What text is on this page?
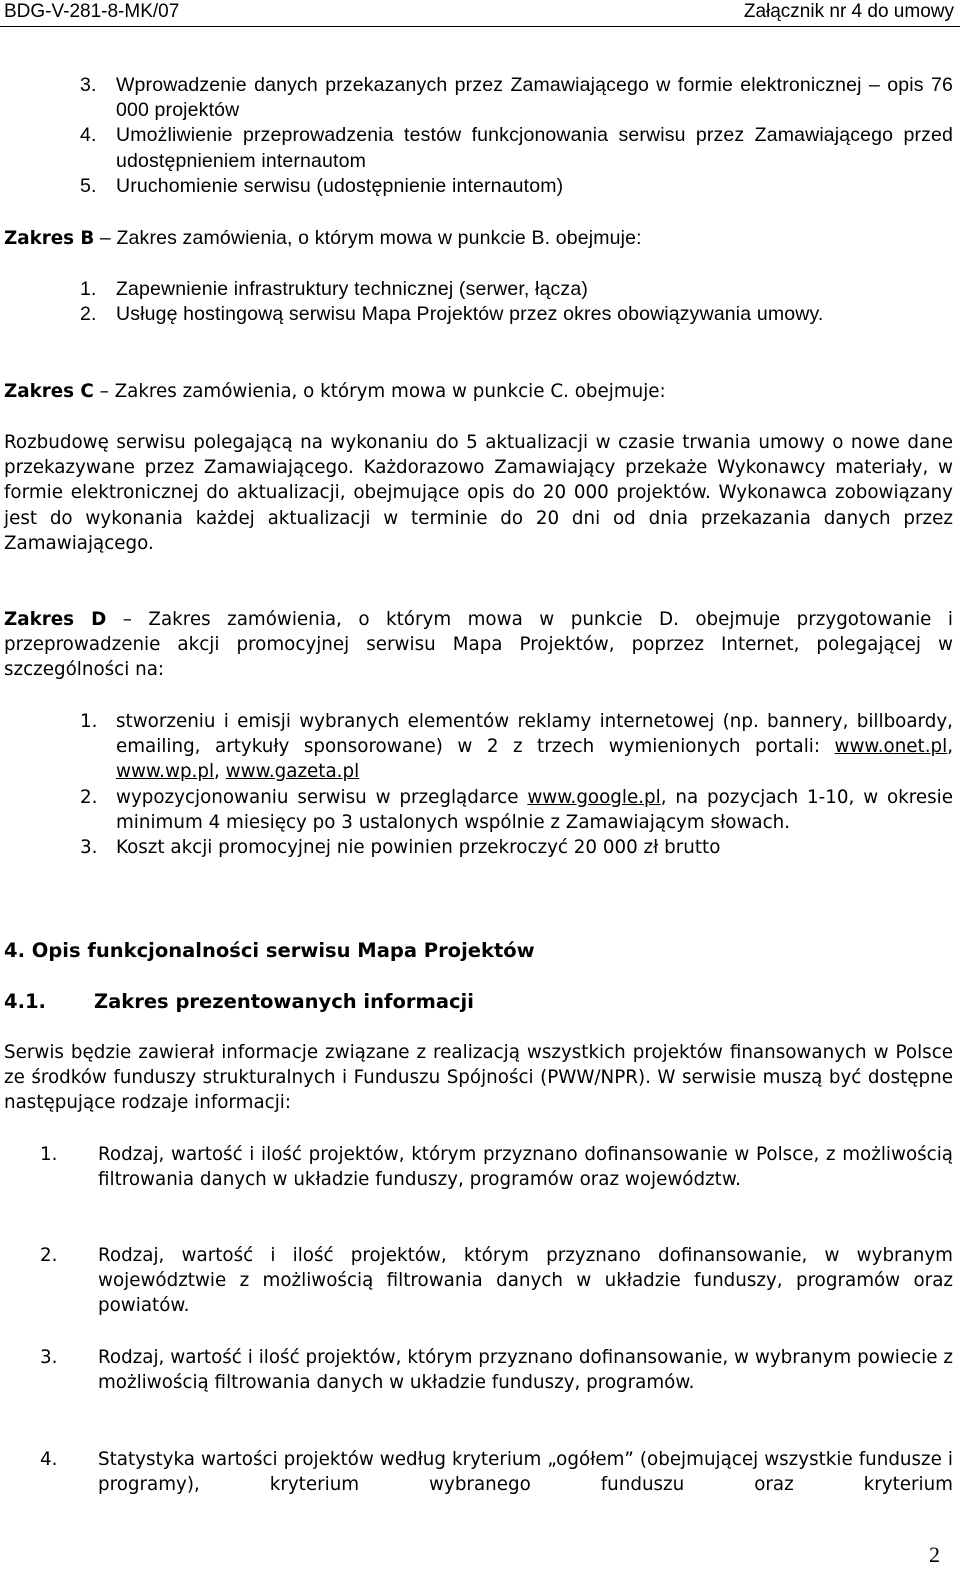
BDG-V-281-8-MK/07	Załącznik nr 4 do umowy
3. Wprowadzenie danych przekazanych przez Zamawiającego w formie elektronicznej – opis 76 000 projektów
4. Umożliwienie przeprowadzenia testów funkcjonowania serwisu przez Zamawiającego przed udostępnieniem internautom
5. Uruchomienie serwisu (udostępnienie internautom)
Zakres B – Zakres zamówienia, o którym mowa w punkcie B. obejmuje:
1. Zapewnienie infrastruktury technicznej (serwer, łącza)
2. Usługę hostingową serwisu Mapa Projektów przez okres obowiązywania umowy.
Zakres C – Zakres zamówienia, o którym mowa w punkcie C. obejmuje:
Rozbudowę serwisu polegającą na wykonaniu do 5 aktualizacji w czasie trwania umowy o nowe dane przekazywane przez Zamawiającego. Każdorazowo Zamawiający przekaże Wykonawcy materiały, w formie elektronicznej do aktualizacji, obejmujące opis do 20 000 projektów. Wykonawca zobowiązany jest do wykonania każdej aktualizacji w terminie do 20 dni od dnia przekazania danych przez Zamawiającego.
Zakres D – Zakres zamówienia, o którym mowa w punkcie D. obejmuje przygotowanie i przeprowadzenie akcji promocyjnej serwisu Mapa Projektów, poprzez Internet, polegającej w szczególności na:
1. stworzeniu i emisji wybranych elementów reklamy internetowej (np. bannery, billboardy, emailing, artykuły sponsorowane) w 2 z trzech wymienionych portali: www.onet.pl, www.wp.pl, www.gazeta.pl
2. wypozycjonowaniu serwisu w przeglądarce www.google.pl, na pozycjach 1-10, w okresie minimum 4 miesięcy po 3 ustalonych wspólnie z Zamawiającym słowach.
3. Koszt akcji promocyjnej nie powinien przekroczyć 20 000 zł brutto
4. Opis funkcjonalności serwisu Mapa Projektów
4.1. Zakres prezentowanych informacji
Serwis będzie zawierał informacje związane z realizacją wszystkich projektów finansowanych w Polsce ze środków funduszy strukturalnych i Funduszu Spójności (PWW/NPR). W serwisie muszą być dostępne następujące rodzaje informacji:
1. Rodzaj, wartość i ilość projektów, którym przyznano dofinansowanie w Polsce, z możliwością filtrowania danych w układzie funduszy, programów oraz województw.
2. Rodzaj, wartość i ilość projektów, którym przyznano dofinansowanie, w wybranym województwie z możliwością filtrowania danych w układzie funduszy, programów oraz powiatów.
3. Rodzaj, wartość i ilość projektów, którym przyznano dofinansowanie, w wybranym powiecie z możliwością filtrowania danych w układzie funduszy, programów.
4. Statystyka wartości projektów według kryterium „ogółem” (obejmującej wszystkie fundusze i programy), kryterium wybranego funduszu oraz kryterium
2
